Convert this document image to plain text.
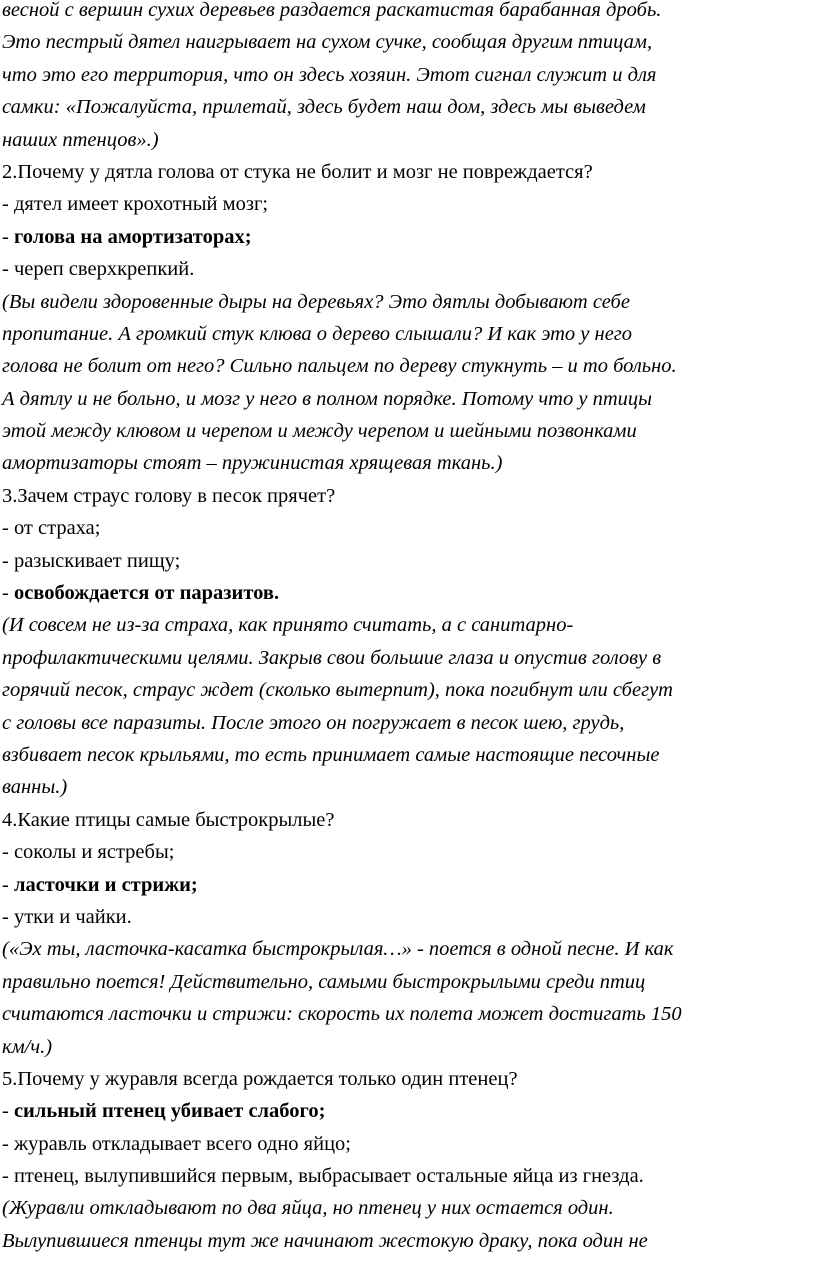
весной с вершин сухих деревьев раздается раскатистая барабанная дробь.
Это пестрый дятел наигрывает на сухом сучке, сообщая другим птицам,
что это его территория, что он здесь хозяин. Этот сигнал служит и для
самки: «Пожалуйста, прилетай, здесь будет наш дом, здесь мы выведем
наших птенцов».)
2.Почему у дятла голова от стука не болит и мозг не повреждается?
- дятел имеет крохотный мозг;
- голова на амортизаторах;
- череп сверхкрепкий.
(Вы видели здоровенные дыры на деревьях? Это дятлы добывают себе
пропитание. А громкий стук клюва о дерево слышали? И как это у него
голова не болит от него? Сильно пальцем по дереву стукнуть – и то больно.
А дятлу и не больно, и мозг у него в полном порядке. Потому что у птицы
этой между клювом и черепом и между черепом и шейными позвонками
амортизаторы стоят – пружинистая хрящевая ткань.)
3.Зачем страус голову в песок прячет?
- от страха;
- разыскивает пищу;
- освобождается от паразитов.
(И совсем не из-за страха, как принято считать, а с санитарно-
профилактическими целями. Закрыв свои большие глаза и опустив голову в
горячий песок, страус ждет (сколько вытерпит), пока погибнут или сбегут
с головы все паразиты. После этого он погружает в песок шею, грудь,
взбивает песок крыльями, то есть принимает самые настоящие песочные
ванны.)
4.Какие птицы самые быстрокрылые?
- соколы и ястребы;
- ласточки и стрижи;
- утки и чайки.
(«Эх ты, ласточка-касатка быстрокрылая…» - поется в одной песне. И как
правильно поется! Действительно, самыми быстрокрылыми среди птиц
считаются ласточки и стрижи: скорость их полета может достигать 150
км/ч.)
5.Почему у журавля всегда рождается только один птенец?
- сильный птенец убивает слабого;
- журавль откладывает всего одно яйцо;
- птенец, вылупившийся первым, выбрасывает остальные яйца из гнезда.
(Журавли откладывают по два яйца, но птенец у них остается один.
Вылупившиеся птенцы тут же начинают жестокую драку, пока один не
